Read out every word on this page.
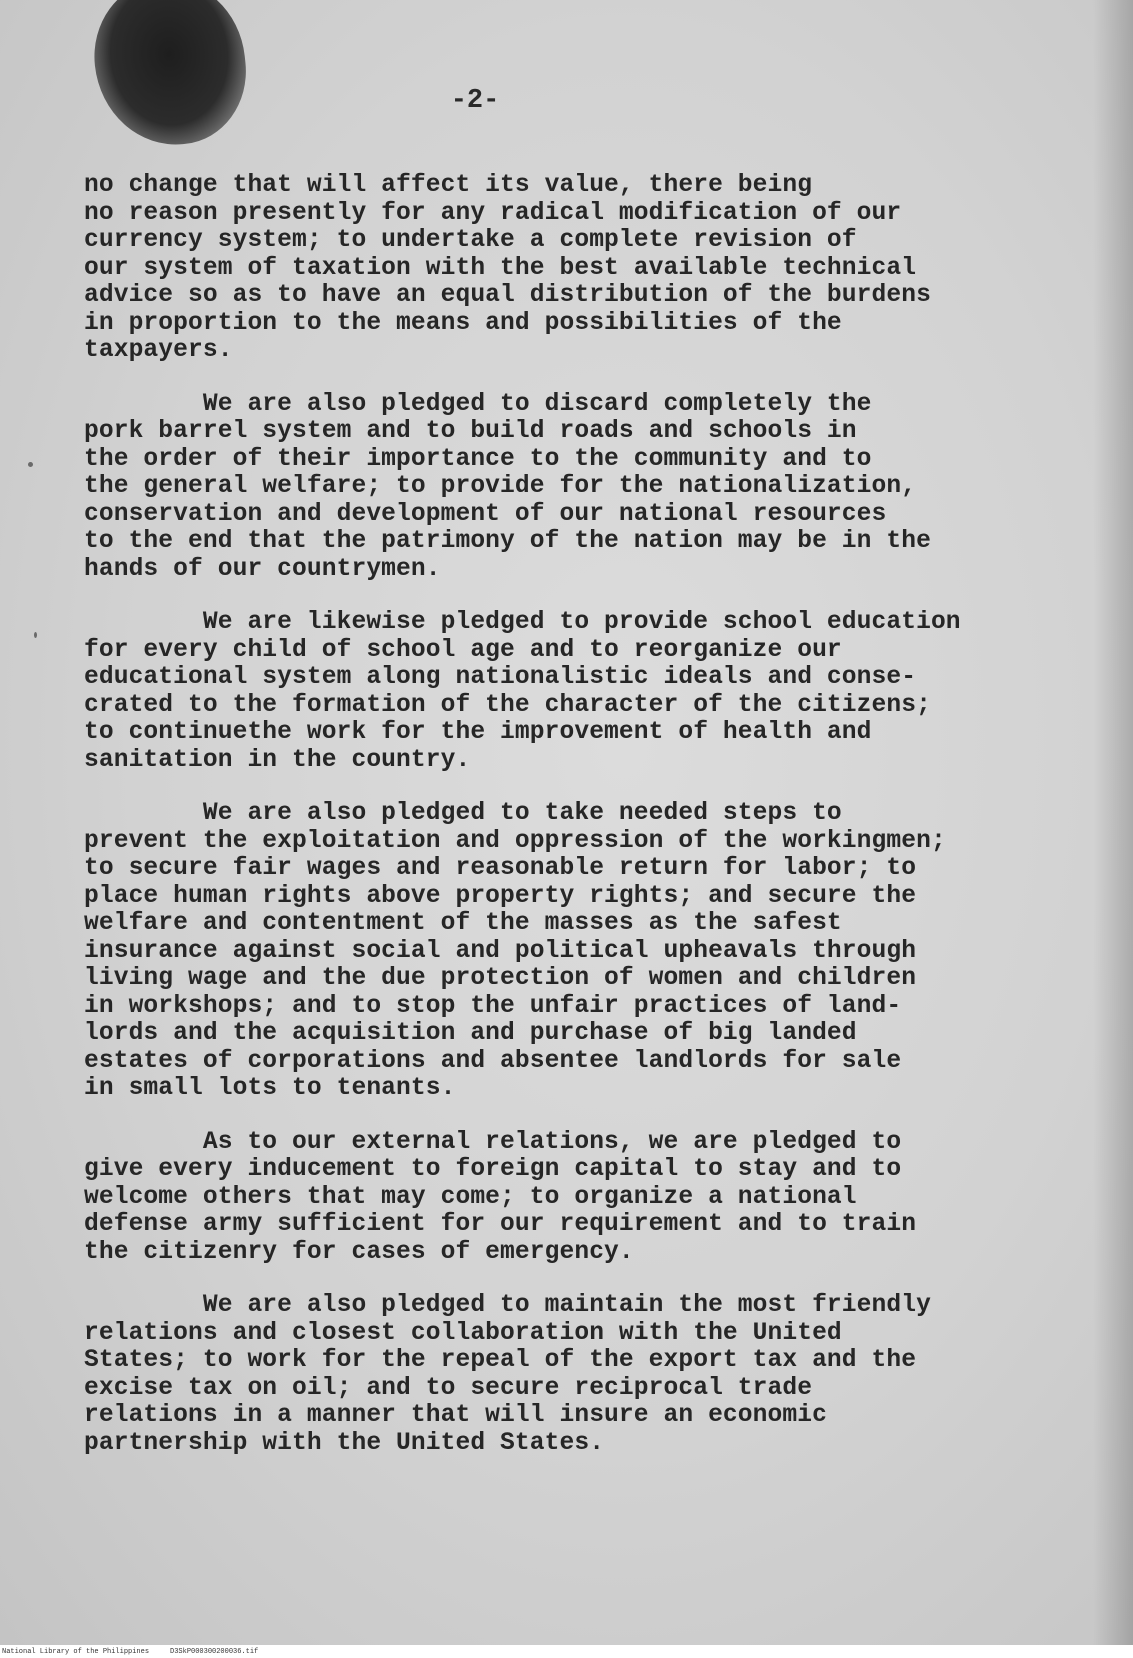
-2-

no change that will affect its value, there being
no reason presently for any radical modification of our
currency system; to undertake a complete revision of
our system of taxation with the best available technical
advice so as to have an equal distribution of the burdens
in proportion to the means and possibilities of the
taxpayers.

We are also pledged to discard completely the
pork barrel system and to build roads and schools in
the order of their importance to the community and to
the general welfare; to provide for the nationalization,
conservation and development of our national resources
to the end that the patrimony of the nation may be in the
hands of our countrymen.

We are likewise pledged to provide school education
for every child of school age and to reorganize our
educational system along nationalistic ideals and conse-
crated to the formation of the character of the citizens;
to continuethe work for the improvement of health and
sanitation in the country.

We are also pledged to take needed steps to
prevent the exploitation and oppression of the workingmen;
to secure fair wages and reasonable return for labor; to
place human rights above property rights; and secure the
welfare and contentment of the masses as the safest
insurance against social and political upheavals through
living wage and the due protection of women and children
in workshops; and to stop the unfair practices of land-
lords and the acquisition and purchase of big landed
estates of corporations and absentee landlords for sale
in small lots to tenants.

As to our external relations, we are pledged to
give every inducement to foreign capital to stay and to
welcome others that may come; to organize a national
defense army sufficient for our requirement and to train
the citizenry for cases of emergency.

We are also pledged to maintain the most friendly
relations and closest collaboration with the United
States; to work for the repeal of the export tax and the
excise tax on oil; and to secure reciprocal trade
relations in a manner that will insure an economic
partnership with the United States.

National Library of the Philippines     D3SkP000300200036.tif
